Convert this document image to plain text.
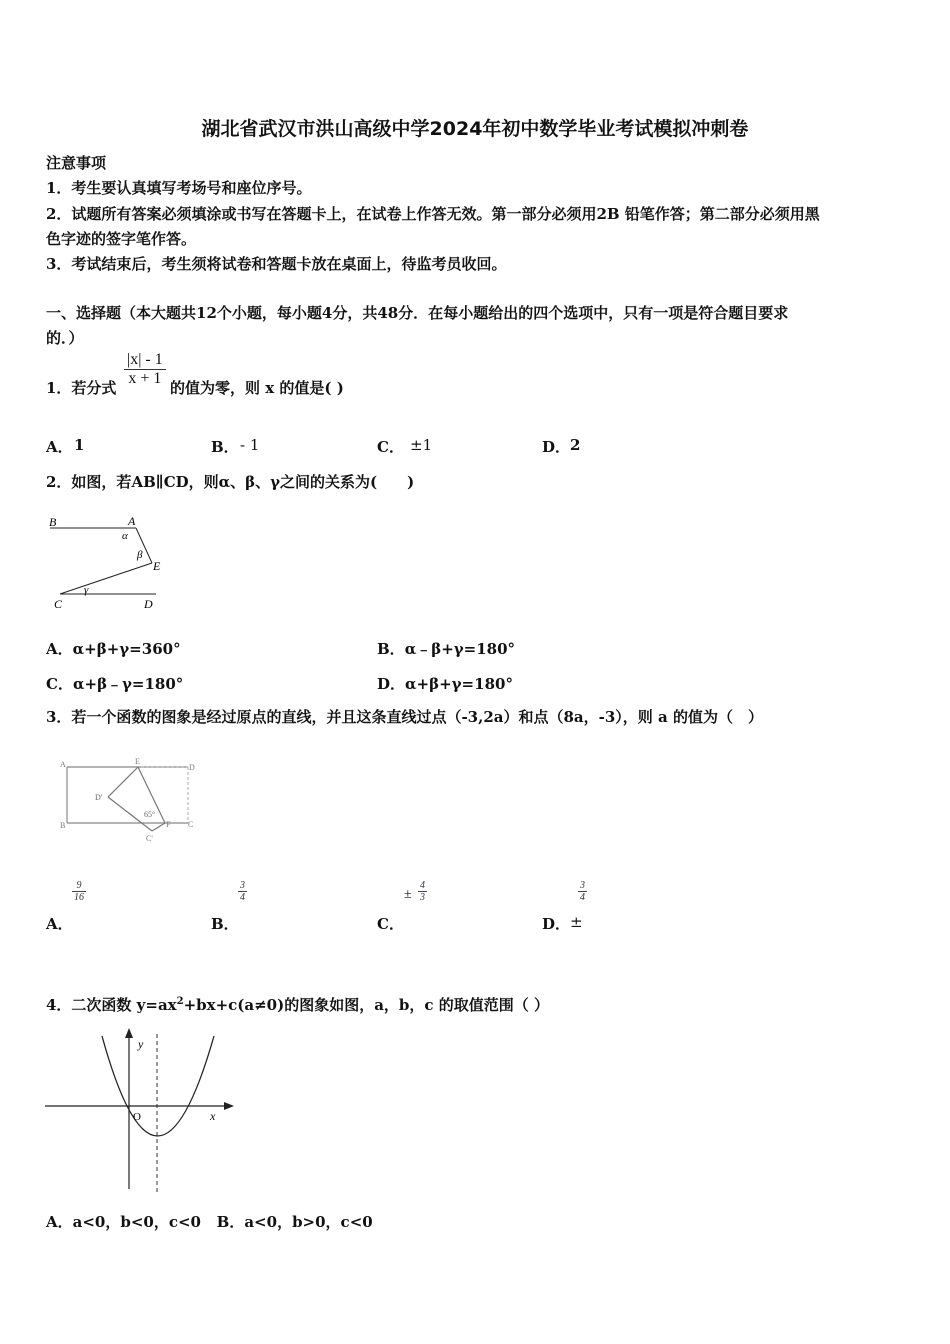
湖北省武汉市洪山高级中学2024年初中数学毕业考试模拟冲刺卷
注意事项
1．考生要认真填写考场号和座位序号。
2．试题所有答案必须填涂或书写在答题卡上，在试卷上作答无效。第一部分必须用2B 铅笔作答；第二部分必须用黑
色字迹的签字笔作答。
3．考试结束后，考生须将试卷和答题卡放在桌面上，待监考员收回。
一、选择题（本大题共12个小题，每小题4分，共48分．在每小题给出的四个选项中，只有一项是符合题目要求
的．）
1．若分式 $\frac{|x| - 1}{x + 1}$ 的值为零，则 x 的值是( )
A． 1	B． - 1	C． ±1	D． 2
2．如图，若AB∥CD，则α、β、γ之间的关系为(　　)
B	A
α
β
E
γ
C	D
A．α+β+γ=360°	B．α﹣β+γ=180°
C．α+β﹣γ=180°	D．α+β+γ=180°
3．若一个函数的图象是经过原点的直线，并且这条直线过点（-3,2a）和点（8a，-3），则 a 的值为（　）
A	E
D
D'
65°
B	F C
C'
A．
$\frac{9}{16}$
B．
$\frac{3}{4}$
C．
± $\frac{4}{3}$
D． ±
$\frac{3}{4}$
4．二次函数 $y=ax^2+bx+c(a\ne 0)$的图象如图，a，b，c 的取值范围（ ）
y
x
O
A．a<0，b<0，c<0   B．a<0，b>0，c<0
